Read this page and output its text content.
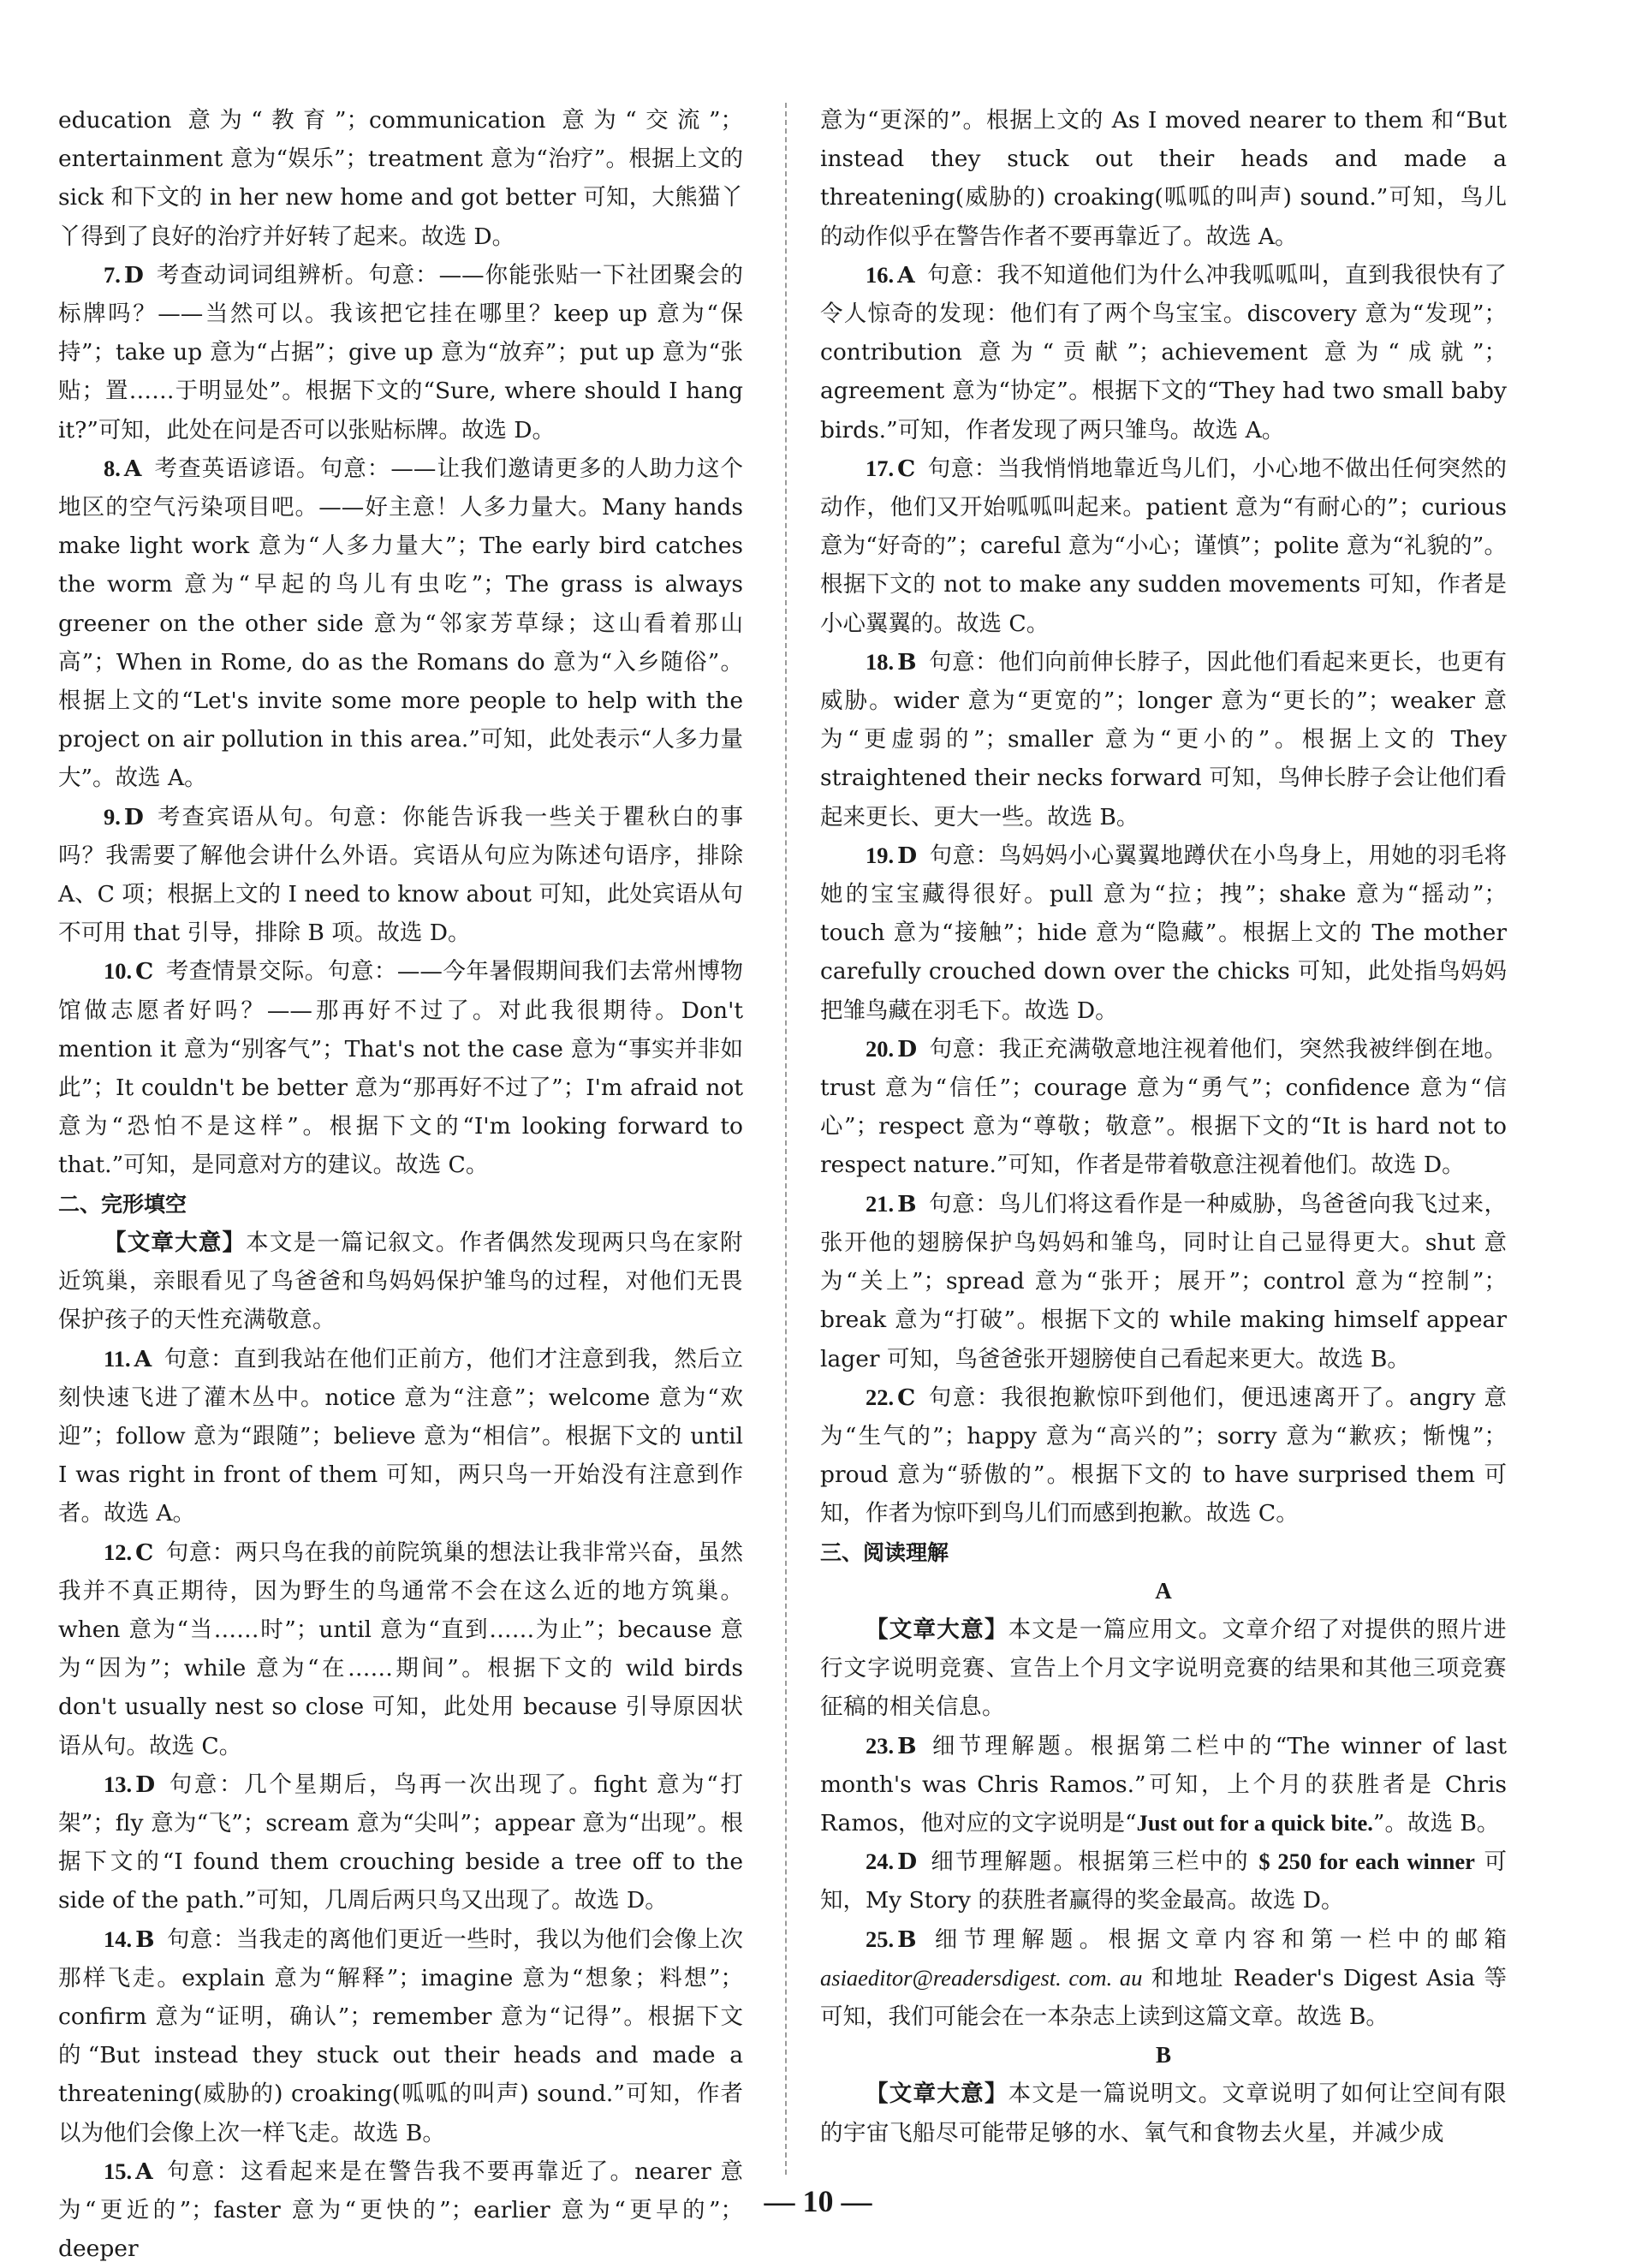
education 意为“教育”；communication 意为“交流”；entertainment 意为“娱乐”；treatment 意为“治疗”。根据上文的 sick 和下文的 in her new home and got better 可知，大熊猫丫丫得到了良好的治疗并好转了起来。故选 D。

7. D 考查动词词组辨析。句意：——你能张贴一下社团聚会的标牌吗？——当然可以。我该把它挂在哪里？keep up 意为“保持”；take up 意为“占据”；give up 意为“放弃”；put up 意为“张贴；置……于明显处”。根据下文的“Sure, where should I hang it?”可知，此处在问是否可以张贴标牌。故选 D。

8. A 考查英语谚语。句意：——让我们邀请更多的人助力这个地区的空气污染项目吧。——好主意！人多力量大。Many hands make light work 意为“人多力量大”；The early bird catches the worm 意为“早起的鸟儿有虫吃”；The grass is always greener on the other side 意为“邻家芳草绿；这山看着那山高”；When in Rome, do as the Romans do 意为“入乡随俗”。根据上文的“Let's invite some more people to help with the project on air pollution in this area.”可知，此处表示“人多力量大”。故选 A。

9. D 考查宾语从句。句意：你能告诉我一些关于瞿秋白的事吗？我需要了解他会讲什么外语。宾语从句应为陈述句语序，排除 A、C 项；根据上文的 I need to know about 可知，此处宾语从句不可用 that 引导，排除 B 项。故选 D。

10. C 考查情景交际。句意：——今年暑假期间我们去常州博物馆做志愿者好吗？——那再好不过了。对此我很期待。Don't mention it 意为“别客气”；That's not the case 意为“事实并非如此”；It couldn't be better 意为“那再好不过了”；I'm afraid not 意为“恐怕不是这样”。根据下文的“I'm looking forward to that.”可知，是同意对方的建议。故选 C。

二、完形填空

【文章大意】本文是一篇记叙文。作者偶然发现两只鸟在家附近筑巢，亲眼看见了鸟爸爸和鸟妈妈保护雏鸟的过程，对他们无畏保护孩子的天性充满敬意。

11. A 句意：直到我站在他们正前方，他们才注意到我，然后立刻快速飞进了灌木丛中。notice 意为“注意”；welcome 意为“欢迎”；follow 意为“跟随”；believe 意为“相信”。根据下文的 until I was right in front of them 可知，两只鸟一开始没有注意到作者。故选 A。

12. C 句意：两只鸟在我的前院筑巢的想法让我非常兴奋，虽然我并不真正期待，因为野生的鸟通常不会在这么近的地方筑巢。when 意为“当……时”；until 意为“直到……为止”；because 意为“因为”；while 意为“在……期间”。根据下文的 wild birds don't usually nest so close 可知，此处用 because 引导原因状语从句。故选 C。

13. D 句意：几个星期后，鸟再一次出现了。fight 意为“打架”；fly 意为“飞”；scream 意为“尖叫”；appear 意为“出现”。根据下文的“I found them crouching beside a tree off to the side of the path.”可知，几周后两只鸟又出现了。故选 D。

14. B 句意：当我走的离他们更近一些时，我以为他们会像上次那样飞走。explain 意为“解释”；imagine 意为“想象；料想”；confirm 意为“证明，确认”；remember 意为“记得”。根据下文的“But instead they stuck out their heads and made a threatening(威胁的) croaking(呱呱的叫声) sound.”可知，作者以为他们会像上次一样飞走。故选 B。

15. A 句意：这看起来是在警告我不要再靠近了。nearer 意为“更近的”；faster 意为“更快的”；earlier 意为“更早的”；deeper

意为“更深的”。根据上文的 As I moved nearer to them 和“But instead they stuck out their heads and made a threatening(威胁的) croaking(呱呱的叫声) sound.”可知，鸟儿的动作似乎在警告作者不要再靠近了。故选 A。

16. A 句意：我不知道他们为什么冲我呱呱叫，直到我很快有了令人惊奇的发现：他们有了两个鸟宝宝。discovery 意为“发现”；contribution 意为“贡献”；achievement 意为“成就”；agreement 意为“协定”。根据下文的“They had two small baby birds.”可知，作者发现了两只雏鸟。故选 A。

17. C 句意：当我悄悄地靠近鸟儿们，小心地不做出任何突然的动作，他们又开始呱呱叫起来。patient 意为“有耐心的”；curious 意为“好奇的”；careful 意为“小心；谨慎”；polite 意为“礼貌的”。根据下文的 not to make any sudden movements 可知，作者是小心翼翼的。故选 C。

18. B 句意：他们向前伸长脖子，因此他们看起来更长，也更有威胁。wider 意为“更宽的”；longer 意为“更长的”；weaker 意为“更虚弱的”；smaller 意为“更小的”。根据上文的 They straightened their necks forward 可知，鸟伸长脖子会让他们看起来更长、更大一些。故选 B。

19. D 句意：鸟妈妈小心翼翼地蹲伏在小鸟身上，用她的羽毛将她的宝宝藏得很好。pull 意为“拉；拽”；shake 意为“摇动”；touch 意为“接触”；hide 意为“隐藏”。根据上文的 The mother carefully crouched down over the chicks 可知，此处指鸟妈妈把雏鸟藏在羽毛下。故选 D。

20. D 句意：我正充满敬意地注视着他们，突然我被绊倒在地。trust 意为“信任”；courage 意为“勇气”；confidence 意为“信心”；respect 意为“尊敬；敬意”。根据下文的“It is hard not to respect nature.”可知，作者是带着敬意注视着他们。故选 D。

21. B 句意：鸟儿们将这看作是一种威胁，鸟爸爸向我飞过来，张开他的翅膀保护鸟妈妈和雏鸟，同时让自己显得更大。shut 意为“关上”；spread 意为“张开；展开”；control 意为“控制”；break 意为“打破”。根据下文的 while making himself appear lager 可知，鸟爸爸张开翅膀使自己看起来更大。故选 B。

22. C 句意：我很抱歉惊吓到他们，便迅速离开了。angry 意为“生气的”；happy 意为“高兴的”；sorry 意为“歉疚；惭愧”；proud 意为“骄傲的”。根据下文的 to have surprised them 可知，作者为惊吓到鸟儿们而感到抱歉。故选 C。

三、阅读理解

A

【文章大意】本文是一篇应用文。文章介绍了对提供的照片进行文字说明竞赛、宣告上个月文字说明竞赛的结果和其他三项竞赛征稿的相关信息。

23. B 细节理解题。根据第二栏中的“The winner of last month's was Chris Ramos.”可知，上个月的获胜者是 Chris Ramos，他对应的文字说明是“Just out for a quick bite.”。故选 B。

24. D 细节理解题。根据第三栏中的 $ 250 for each winner 可知，My Story 的获胜者赢得的奖金最高。故选 D。

25. B 细节理解题。根据文章内容和第一栏中的邮箱 asiaeditor@readersdigest. com. au 和地址 Reader's Digest Asia 等可知，我们可能会在一本杂志上读到这篇文章。故选 B。

B

【文章大意】本文是一篇说明文。文章说明了如何让空间有限的宇宙飞船尽可能带足够的水、氧气和食物去火星，并减少成

— 10 —
